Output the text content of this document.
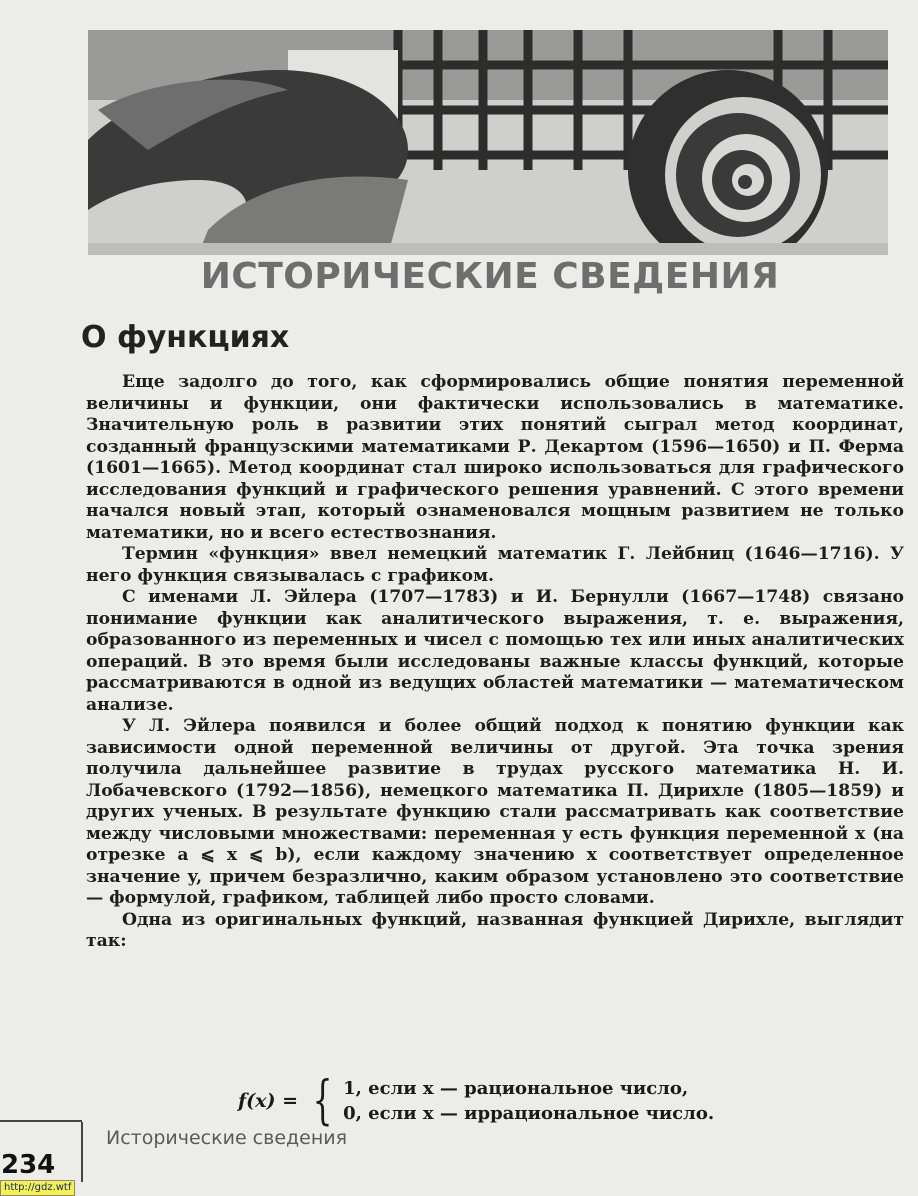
ИСТОРИЧЕСКИЕ СВЕДЕНИЯ
О функциях

Еще задолго до того, как сформировались общие понятия переменной величины и функции, они фактически использовались в математике. Значительную роль в развитии этих понятий сыграл метод координат, созданный французскими математиками Р. Декартом (1596—1650) и П. Ферма (1601—1665). Метод координат стал широко использоваться для графического исследования функций и графического решения уравнений. С этого времени начался новый этап, который ознаменовался мощным развитием не только математики, но и всего естествознания.

Термин «функция» ввел немецкий математик Г. Лейбниц (1646—1716). У него функция связывалась с графиком.

С именами Л. Эйлера (1707—1783) и И. Бернулли (1667—1748) связано понимание функции как аналитического выражения, т. е. выражения, образованного из переменных и чисел с помощью тех или иных аналитических операций. В это время были исследованы важные классы функций, которые рассматриваются в одной из ведущих областей математики — математическом анализе.

У Л. Эйлера появился и более общий подход к понятию функции как зависимости одной переменной величины от другой. Эта точка зрения получила дальнейшее развитие в трудах русского математика Н. И. Лобачевского (1792—1856), немецкого математика П. Дирихле (1805—1859) и других ученых. В результате функцию стали рассматривать как соответствие между числовыми множествами: переменная y есть функция переменной x (на отрезке a ⩽ x ⩽ b), если каждому значению x соответствует определенное значение y, причем безразлично, каким образом установлено это соответствие — формулой, графиком, таблицей либо просто словами.

Одна из оригинальных функций, названная функцией Дирихле, выглядит так:

f(x) = { 1, если x — рациональное число,
0, если x — иррациональное число.
Исторические сведения
234
http://gdz.wtf
